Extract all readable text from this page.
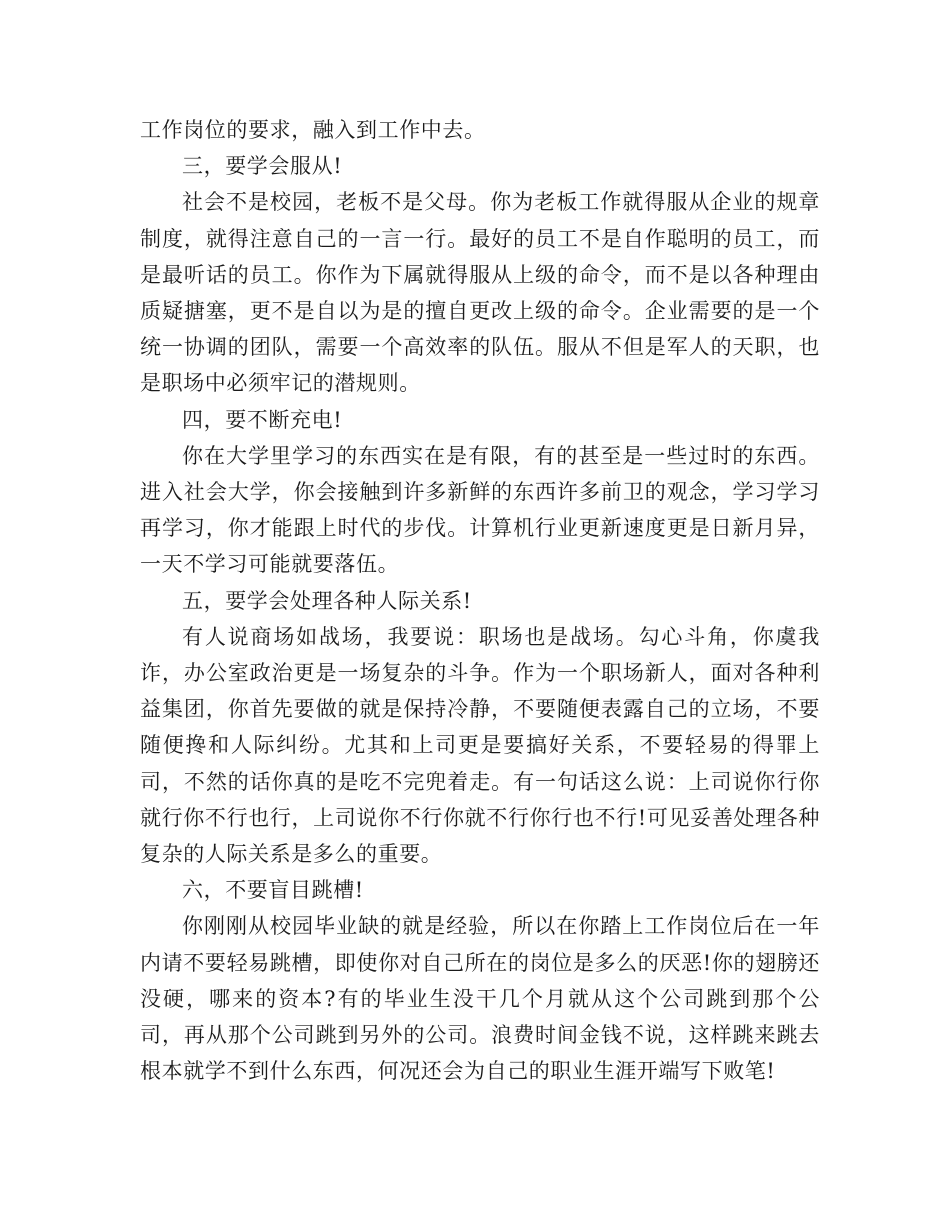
工作岗位的要求，融入到工作中去。

三，要学会服从!

社会不是校园，老板不是父母。你为老板工作就得服从企业的规章制度，就得注意自己的一言一行。最好的员工不是自作聪明的员工，而是最听话的员工。你作为下属就得服从上级的命令，而不是以各种理由质疑搪塞，更不是自以为是的擅自更改上级的命令。企业需要的是一个统一协调的团队，需要一个高效率的队伍。服从不但是军人的天职，也是职场中必须牢记的潜规则。

四，要不断充电!

你在大学里学习的东西实在是有限，有的甚至是一些过时的东西。进入社会大学，你会接触到许多新鲜的东西许多前卫的观念，学习学习再学习，你才能跟上时代的步伐。计算机行业更新速度更是日新月异，一天不学习可能就要落伍。

五，要学会处理各种人际关系!

有人说商场如战场，我要说：职场也是战场。勾心斗角，你虞我诈，办公室政治更是一场复杂的斗争。作为一个职场新人，面对各种利益集团，你首先要做的就是保持冷静，不要随便表露自己的立场，不要随便搀和人际纠纷。尤其和上司更是要搞好关系，不要轻易的得罪上司，不然的话你真的是吃不完兜着走。有一句话这么说：上司说你行你就行你不行也行，上司说你不行你就不行你行也不行!可见妥善处理各种复杂的人际关系是多么的重要。

六，不要盲目跳槽!

你刚刚从校园毕业缺的就是经验，所以在你踏上工作岗位后在一年内请不要轻易跳槽，即使你对自己所在的岗位是多么的厌恶!你的翅膀还没硬，哪来的资本?有的毕业生没干几个月就从这个公司跳到那个公司，再从那个公司跳到另外的公司。浪费时间金钱不说，这样跳来跳去根本就学不到什么东西，何况还会为自己的职业生涯开端写下败笔!
